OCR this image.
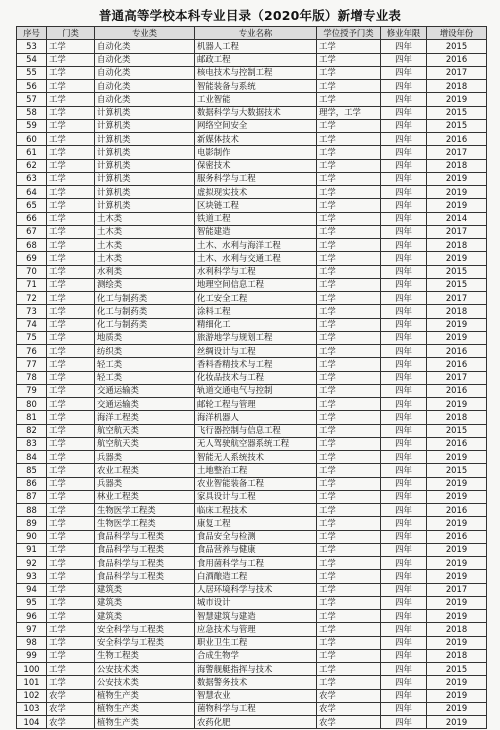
普通高等学校本科专业目录（2020年版）新增专业表
序号	门类	专业类	专业名称	学位授予门类	修业年限	增设年份
53	工学	自动化类	机器人工程	工学	四年	2015
54	工学	自动化类	邮政工程	工学	四年	2016
55	工学	自动化类	核电技术与控制工程	工学	四年	2017
56	工学	自动化类	智能装备与系统	工学	四年	2018
57	工学	自动化类	工业智能	工学	四年	2019
58	工学	计算机类	数据科学与大数据技术	理学，工学	四年	2015
59	工学	计算机类	网络空间安全	工学	四年	2015
60	工学	计算机类	新媒体技术	工学	四年	2016
61	工学	计算机类	电影制作	工学	四年	2017
62	工学	计算机类	保密技术	工学	四年	2018
63	工学	计算机类	服务科学与工程	工学	四年	2019
64	工学	计算机类	虚拟现实技术	工学	四年	2019
65	工学	计算机类	区块链工程	工学	四年	2019
66	工学	土木类	铁道工程	工学	四年	2014
67	工学	土木类	智能建造	工学	四年	2017
68	工学	土木类	土木、水利与海洋工程	工学	四年	2018
69	工学	土木类	土木、水利与交通工程	工学	四年	2019
70	工学	水利类	水利科学与工程	工学	四年	2015
71	工学	测绘类	地理空间信息工程	工学	四年	2015
72	工学	化工与制药类	化工安全工程	工学	四年	2017
73	工学	化工与制药类	涂料工程	工学	四年	2018
74	工学	化工与制药类	精细化工	工学	四年	2019
75	工学	地质类	旅游地学与规划工程	工学	四年	2019
76	工学	纺织类	丝绸设计与工程	工学	四年	2016
77	工学	轻工类	香料香精技术与工程	工学	四年	2016
78	工学	轻工类	化妆品技术与工程	工学	四年	2017
79	工学	交通运输类	轨道交通电气与控制	工学	四年	2016
80	工学	交通运输类	邮轮工程与管理	工学	四年	2019
81	工学	海洋工程类	海洋机器人	工学	四年	2018
82	工学	航空航天类	飞行器控制与信息工程	工学	四年	2015
83	工学	航空航天类	无人驾驶航空器系统工程	工学	四年	2016
84	工学	兵器类	智能无人系统技术	工学	四年	2019
85	工学	农业工程类	土地整治工程	工学	四年	2015
86	工学	兵器类	农业智能装备工程	工学	四年	2019
87	工学	林业工程类	家具设计与工程	工学	四年	2019
88	工学	生物医学工程类	临床工程技术	工学	四年	2016
89	工学	生物医学工程类	康复工程	工学	四年	2019
90	工学	食品科学与工程类	食品安全与检测	工学	四年	2016
91	工学	食品科学与工程类	食品营养与健康	工学	四年	2019
92	工学	食品科学与工程类	食用菌科学与工程	工学	四年	2019
93	工学	食品科学与工程类	白酒酿造工程	工学	四年	2019
94	工学	建筑类	人居环境科学与技术	工学	四年	2017
95	工学	建筑类	城市设计	工学	四年	2019
96	工学	建筑类	智慧建筑与建造	工学	四年	2019
97	工学	安全科学与工程类	应急技术与管理	工学	四年	2018
98	工学	安全科学与工程类	职业卫生工程	工学	四年	2019
99	工学	生物工程类	合成生物学	工学	四年	2018
100	工学	公安技术类	海警舰艇指挥与技术	工学	四年	2015
101	工学	公安技术类	数据警务技术	工学	四年	2019
102	农学	植物生产类	智慧农业	农学	四年	2019
103	农学	植物生产类	菌物科学与工程	农学	四年	2019
104	农学	植物生产类	农药化肥	农学	四年	2019
